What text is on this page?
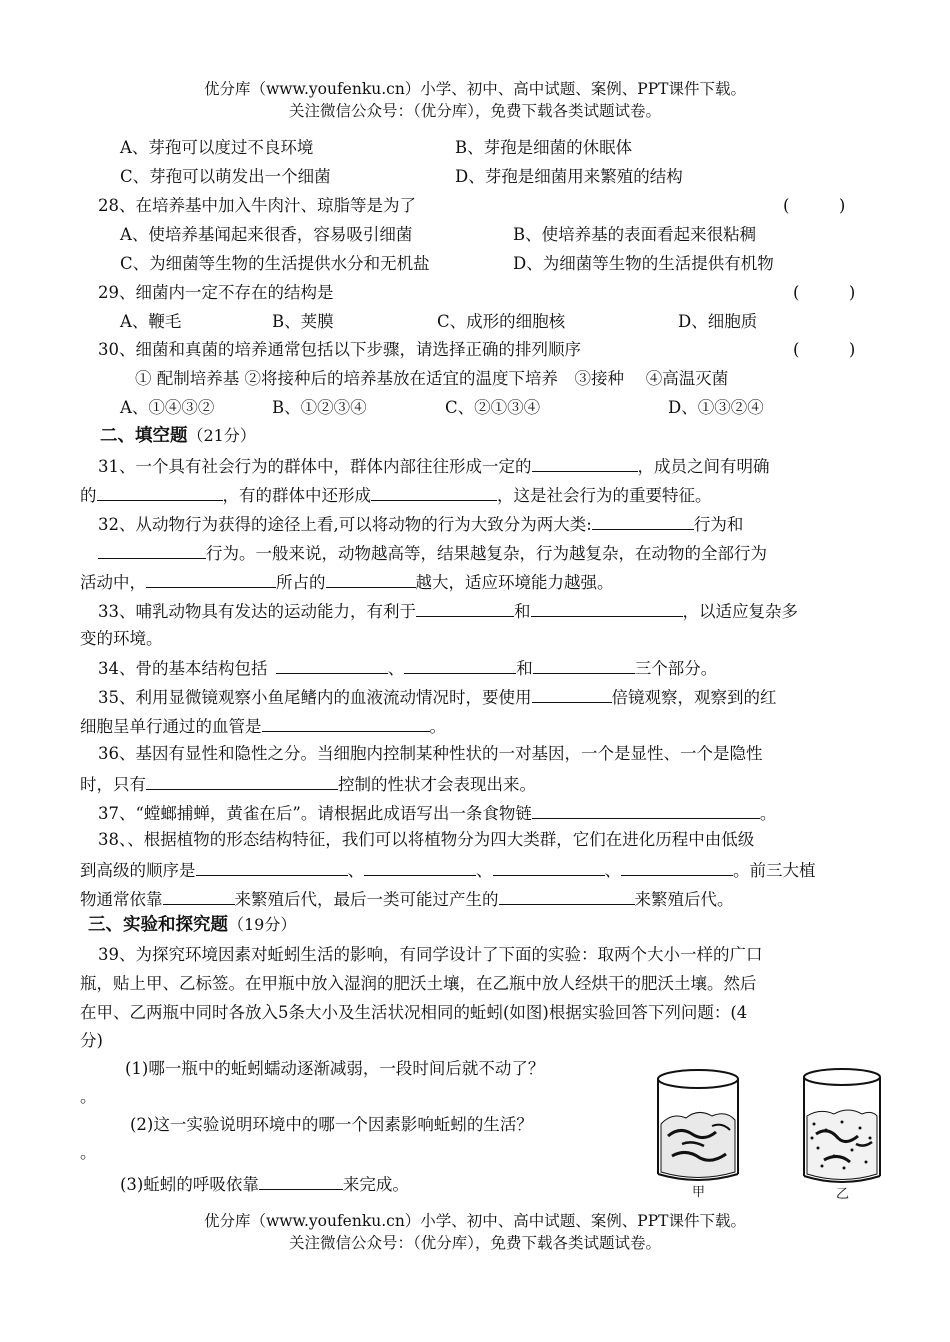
优分库（www.youfenku.cn）小学、初中、高中试题、案例、PPT课件下载。
关注微信公众号：（优分库），免费下载各类试题试卷。
A、芽孢可以度过不良环境	B、芽孢是细菌的休眠体
C、芽孢可以萌发出一个细菌	D、芽孢是细菌用来繁殖的结构
28、在培养基中加入牛肉汁、琼脂等是为了	(　　　)
A、使培养基闻起来很香，容易吸引细菌	B、使培养基的表面看起来很粘稠
C、为细菌等生物的生活提供水分和无机盐	D、为细菌等生物的生活提供有机物
29、细菌内一定不存在的结构是	(　　　)
A、鞭毛	B、荚膜	C、成形的细胞核	D、细胞质
30、细菌和真菌的培养通常包括以下步骤，请选择正确的排列顺序	(　　　)
① 配制培养基 ②将接种后的培养基放在适宜的温度下培养　③接种　 ④高温灭菌
A、①④③②	B、①②③④	C、②①③④	D、①③②④
二、填空题（21分）
31、一个具有社会行为的群体中，群体内部往往形成一定的	，成员之间有明确
的	，有的群体中还形成	，这是社会行为的重要特征。
32、从动物行为获得的途径上看,可以将动物的行为大致分为两大类:	行为和
行为。一般来说，动物越高等，结果越复杂，行为越复杂，在动物的全部行为
活动中，	所占的	越大，适应环境能力越强。
33、哺乳动物具有发达的运动能力，有利于	和	，以适应复杂多
变的环境。
34、骨的基本结构包括 	、	和	三个部分。
35、利用显微镜观察小鱼尾鳍内的血液流动情况时，要使用	倍镜观察，观察到的红
细胞呈单行通过的血管是	。
36、基因有显性和隐性之分。当细胞内控制某种性状的一对基因，一个是显性、一个是隐性
时，只有	控制的性状才会表现出来。
37、“螳螂捕蝉，黄雀在后”。请根据此成语写出一条食物链	。
38、、根据植物的形态结构特征，我们可以将植物分为四大类群，它们在进化历程中由低级
到高级的顺序是	、	、	、	。前三大植
物通常依靠	来繁殖后代，最后一类可能过产生的	来繁殖后代。
三、实验和探究题（19分）
39、为探究环境因素对蚯蚓生活的影响，有同学设计了下面的实验：取两个大小一样的广口
瓶，贴上甲、乙标签。在甲瓶中放入湿润的肥沃土壤，在乙瓶中放人经烘干的肥沃土壤。然后
在甲、乙两瓶中同时各放入5条大小及生活状况相同的蚯蚓(如图)根据实验回答下列问题：(4
分)
(1)哪一瓶中的蚯蚓蠕动逐渐减弱，一段时间后就不动了？
。
(2)这一实验说明环境中的哪一个因素影响蚯蚓的生活？
。
(3)蚯蚓的呼吸依靠	来完成。	甲	乙
优分库（www.youfenku.cn）小学、初中、高中试题、案例、PPT课件下载。
关注微信公众号：（优分库），免费下载各类试题试卷。
